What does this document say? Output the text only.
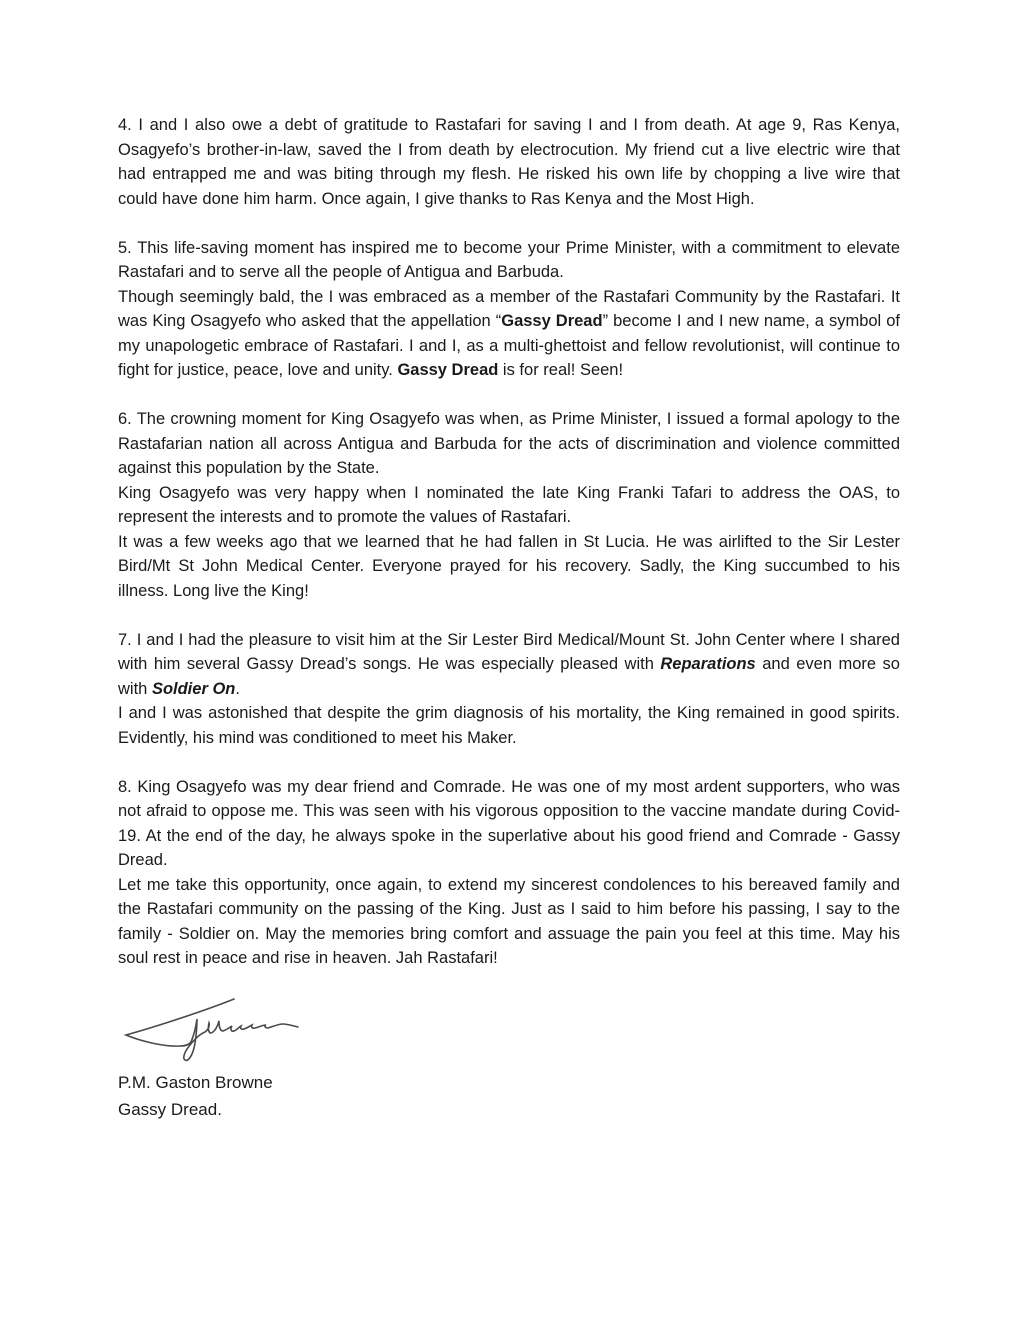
4. I and I also owe a debt of gratitude to Rastafari for saving I and I from death. At age 9, Ras Kenya, Osagyefo’s brother-in-law, saved the I from death by electrocution. My friend cut a live electric wire that had entrapped me and was biting through my flesh. He risked his own life by chopping a live wire that could have done him harm. Once again, I give thanks to Ras Kenya and the Most High.

5. This life-saving moment has inspired me to become your Prime Minister, with a commitment to elevate Rastafari and to serve all the people of Antigua and Barbuda.
Though seemingly bald, the I was embraced as a member of the Rastafari Community by the Rastafari. It was King Osagyefo who asked that the appellation “Gassy Dread” become I and I new name, a symbol of my unapologetic embrace of Rastafari. I and I, as a multi-ghettoist and fellow revolutionist, will continue to fight for justice, peace, love and unity. Gassy Dread is for real! Seen!

6. The crowning moment for King Osagyefo was when, as Prime Minister, I issued a formal apology to the Rastafarian nation all across Antigua and Barbuda for the acts of discrimination and violence committed against this population by the State.
King Osagyefo was very happy when I nominated the late King Franki Tafari to address the OAS, to represent the interests and to promote the values of Rastafari.
It was a few weeks ago that we learned that he had fallen in St Lucia. He was airlifted to the Sir Lester Bird/Mt St John Medical Center. Everyone prayed for his recovery. Sadly, the King succumbed to his illness. Long live the King!

7. I and I had the pleasure to visit him at the Sir Lester Bird Medical/Mount St. John Center where I shared with him several Gassy Dread’s songs. He was especially pleased with Reparations and even more so with Soldier On.
I and I was astonished that despite the grim diagnosis of his mortality, the King remained in good spirits. Evidently, his mind was conditioned to meet his Maker.

8. King Osagyefo was my dear friend and Comrade. He was one of my most ardent supporters, who was not afraid to oppose me. This was seen with his vigorous opposition to the vaccine mandate during Covid-19. At the end of the day, he always spoke in the superlative about his good friend and Comrade - Gassy Dread.
Let me take this opportunity, once again, to extend my sincerest condolences to his bereaved family and the Rastafari community on the passing of the King. Just as I said to him before his passing, I say to the family - Soldier on. May the memories bring comfort and assuage the pain you feel at this time. May his soul rest in peace and rise in heaven. Jah Rastafari!

P.M. Gaston Browne
Gassy Dread.
